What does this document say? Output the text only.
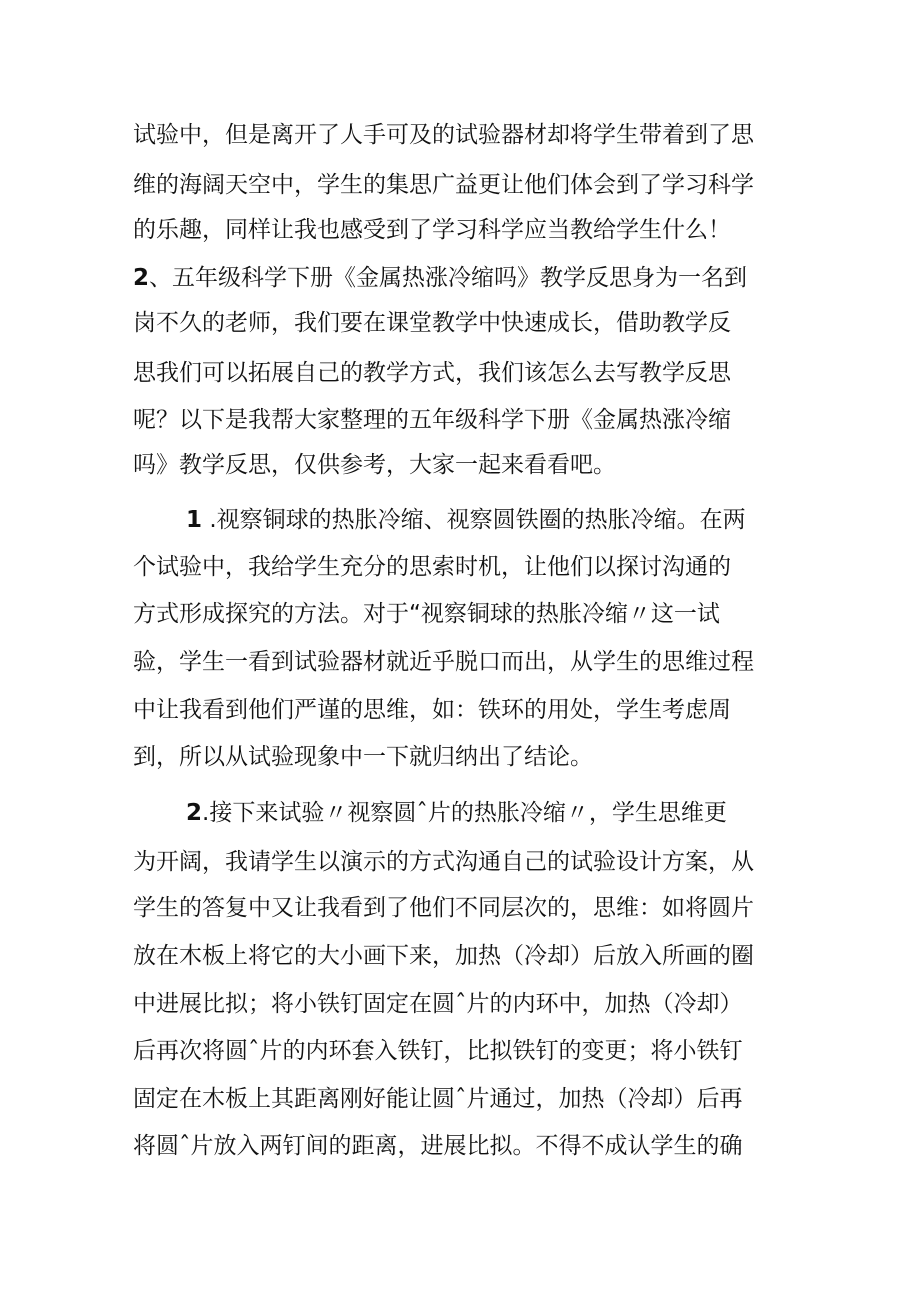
试验中，但是离开了人手可及的试验器材却将学生带着到了思
维的海阔天空中，学生的集思广益更让他们体会到了学习科学
的乐趣，同样让我也感受到了学习科学应当教给学生什么！
2、五年级科学下册《金属热涨冷缩吗》教学反思身为一名到
岗不久的老师，我们要在课堂教学中快速成长，借助教学反
思我们可以拓展自己的教学方式，我们该怎么去写教学反思
呢？以下是我帮大家整理的五年级科学下册《金属热涨冷缩
吗》教学反思，仅供参考，大家一起来看看吧。
1 .视察铜球的热胀冷缩、视察圆铁圈的热胀冷缩。在两
个试验中，我给学生充分的思索时机，让他们以探讨沟通的
方式形成探究的方法。对于“视察铜球的热胀冷缩〃这一试
验，学生一看到试验器材就近乎脱口而出，从学生的思维过程
中让我看到他们严谨的思维，如：铁环的用处，学生考虑周
到，所以从试验现象中一下就归纳出了结论。
2.接下来试验〃视察圆ˆ片的热胀冷缩〃，学生思维更
为开阔，我请学生以演示的方式沟通自己的试验设计方案，从
学生的答复中又让我看到了他们不同层次的，思维：如将圆片
放在木板上将它的大小画下来，加热（冷却）后放入所画的圈
中进展比拟；将小铁钉固定在圆ˆ片的内环中，加热（冷却）
后再次将圆ˆ片的内环套入铁钉，比拟铁钉的变更；将小铁钉
固定在木板上其距离刚好能让圆ˆ片通过，加热（冷却）后再
将圆ˆ片放入两钉间的距离，进展比拟。不得不成认学生的确
